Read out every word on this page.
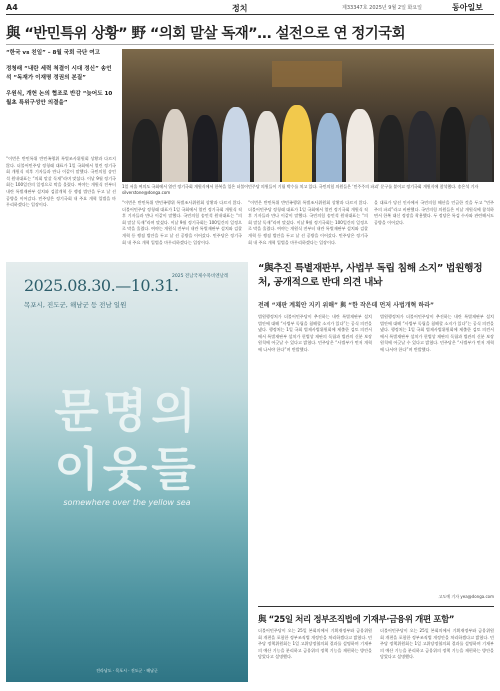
A4	정치	제33347호 2025년 9월 2일 화요일	동아일보
與 “반민특위 상황” 野 “의회 말살 독재”… 설전으로 연 정기국회

“한국 vs 친일” – 8월 국회 극단 여고

정청래 “내란 세력 척결이 시대 정신” 송언석 “독재가 이재명 정권의 본질”

우원식, 개헌 논의 협조로 반감 “늦어도 10월초 특위구성안 의결을”

“이번은 반민특위 반민족행위 특별조사위원회 상황과 다르지 않다. 더불어민주당 정청래 대표가 1일 국회에서 열린 정기국회 개원식 직후 기자들과 만나 이같이 말했다. 국민의힘 송언석 원내대표는 “의회 말살 독재”라며 맞섰다. 이날 9월 정기국회는 100일간의 일정으로 막을 올렸다. 여야는 개원식 전부터 내란 특별재판부 설치와 검찰개혁 등 쟁점 법안을 두고 날 선 공방을 이어갔다. 민주당은 정기국회 내 주요 개혁 입법을 마무리하겠다는 입장이다.	“이번은 반민특위 반민족행위 특별조사위원회 상황과 다르지 않다. 더불어민주당 정청래 대표가 1일 국회에서 열린 정기국회 개원식 직후 기자들과 만나 이같이 말했다. 국민의힘 송언석 원내대표는 “의회 말살 독재”라며 맞섰다. 이날 9월 정기국회는 100일간의 일정으로 막을 올렸다. 여야는 개원식 전부터 내란 특별재판부 설치와 검찰개혁 등 쟁점 법안을 두고 날 선 공방을 이어갔다. 민주당은 정기국회 내 주요 개혁 입법을 마무리하겠다는 입장이다.
“이번은 반민특위 반민족행위 특별조사위원회 상황과 다르지 않다. 더불어민주당 정청래 대표가 1일 국회에서 열린 정기국회 개원식 직후 기자들과 만나 이같이 말했다. 국민의힘 송언석 원내대표는 “의회 말살 독재”라며 맞섰다. 이날 9월 정기국회는 100일간의 일정으로 막을 올렸다. 여야는 개원식 전부터 내란 특별재판부 설치와 검찰개혁 등 쟁점 법안을 두고 날 선 공방을 이어갔다. 민주당은 정기국회 내 주요 개혁 입법을 마무리하겠다는 입장이다.
을 대표가 당선 인사에서 국민의힘 해산을 언급한 것을 두고 “민주주의 파괴”라고 비판했다. 국민의힘 의원들은 이날 개원식에 참석하면서 한복 대신 정장을 착용했다. 두 정당은 특검 수사와 관련해서도 공방을 이어갔다.
1일 서울 여의도 국회에서 열린 정기국회 개원식에서 한복을 입은 더불어민주당 의원들이 기립 박수를 치고 있다. 국민의힘 의원들은 ‘민주주의 파괴’ 문구를 붙이고 정기국회 개원식에 참석했다. 송은석 기자 silverstone@donga.com
2025.08.30.—10.31.
목포시, 진도군, 해남군 등 전남 일원
2025 전남국제수묵비엔날레
문명의
이웃들
somewhere over the yellow sea
전라남도 · 목포시 · 진도군 · 해남군
“與추진 특별재판부, 사법부 독립 침해 소지” 법원행정처, 공개적으로 반대 의견 내놔
전례 “재판 계획안 지키 위해” 與 “한 작은데 먼저 사법개혁 하라”
법원행정처가 더불어민주당이 추진하는 내란 특별재판부 설치 법안에 대해 “사법부 독립을 침해할 소지가 있다”는 공식 의견을 냈다. 행정처는 1일 국회 법제사법위원회에 제출한 검토 의견서에서 특별재판부 설치가 헌법상 재판의 독립과 법관의 신분 보장 원칙에 어긋날 수 있다고 밝혔다. 민주당은 “사법부가 먼저 개혁에 나서야 한다”며 반발했다.
법원행정처가 더불어민주당이 추진하는 내란 특별재판부 설치 법안에 대해 “사법부 독립을 침해할 소지가 있다”는 공식 의견을 냈다. 행정처는 1일 국회 법제사법위원회에 제출한 검토 의견서에서 특별재판부 설치가 헌법상 재판의 독립과 법관의 신분 보장 원칙에 어긋날 수 있다고 밝혔다. 민주당은 “사법부가 먼저 개혁에 나서야 한다”며 반발했다.
고도예 기자 yea@donga.com
與 “25일 처리 정부조직법에 기재부·금융위 개편 포함”
더불어민주당이 오는 25일 본회의에서 기획재정부와 금융위원회 개편을 포함한 정부조직법 개정안을 처리하겠다고 밝혔다. 민주당 정책위원회는 1일 고위당정협의회 결과를 설명하며 기재부의 예산 기능을 분리하고 금융위의 정책 기능을 재편하는 방안을 담았다고 설명했다.
더불어민주당이 오는 25일 본회의에서 기획재정부와 금융위원회 개편을 포함한 정부조직법 개정안을 처리하겠다고 밝혔다. 민주당 정책위원회는 1일 고위당정협의회 결과를 설명하며 기재부의 예산 기능을 분리하고 금융위의 정책 기능을 재편하는 방안을 담았다고 설명했다.
